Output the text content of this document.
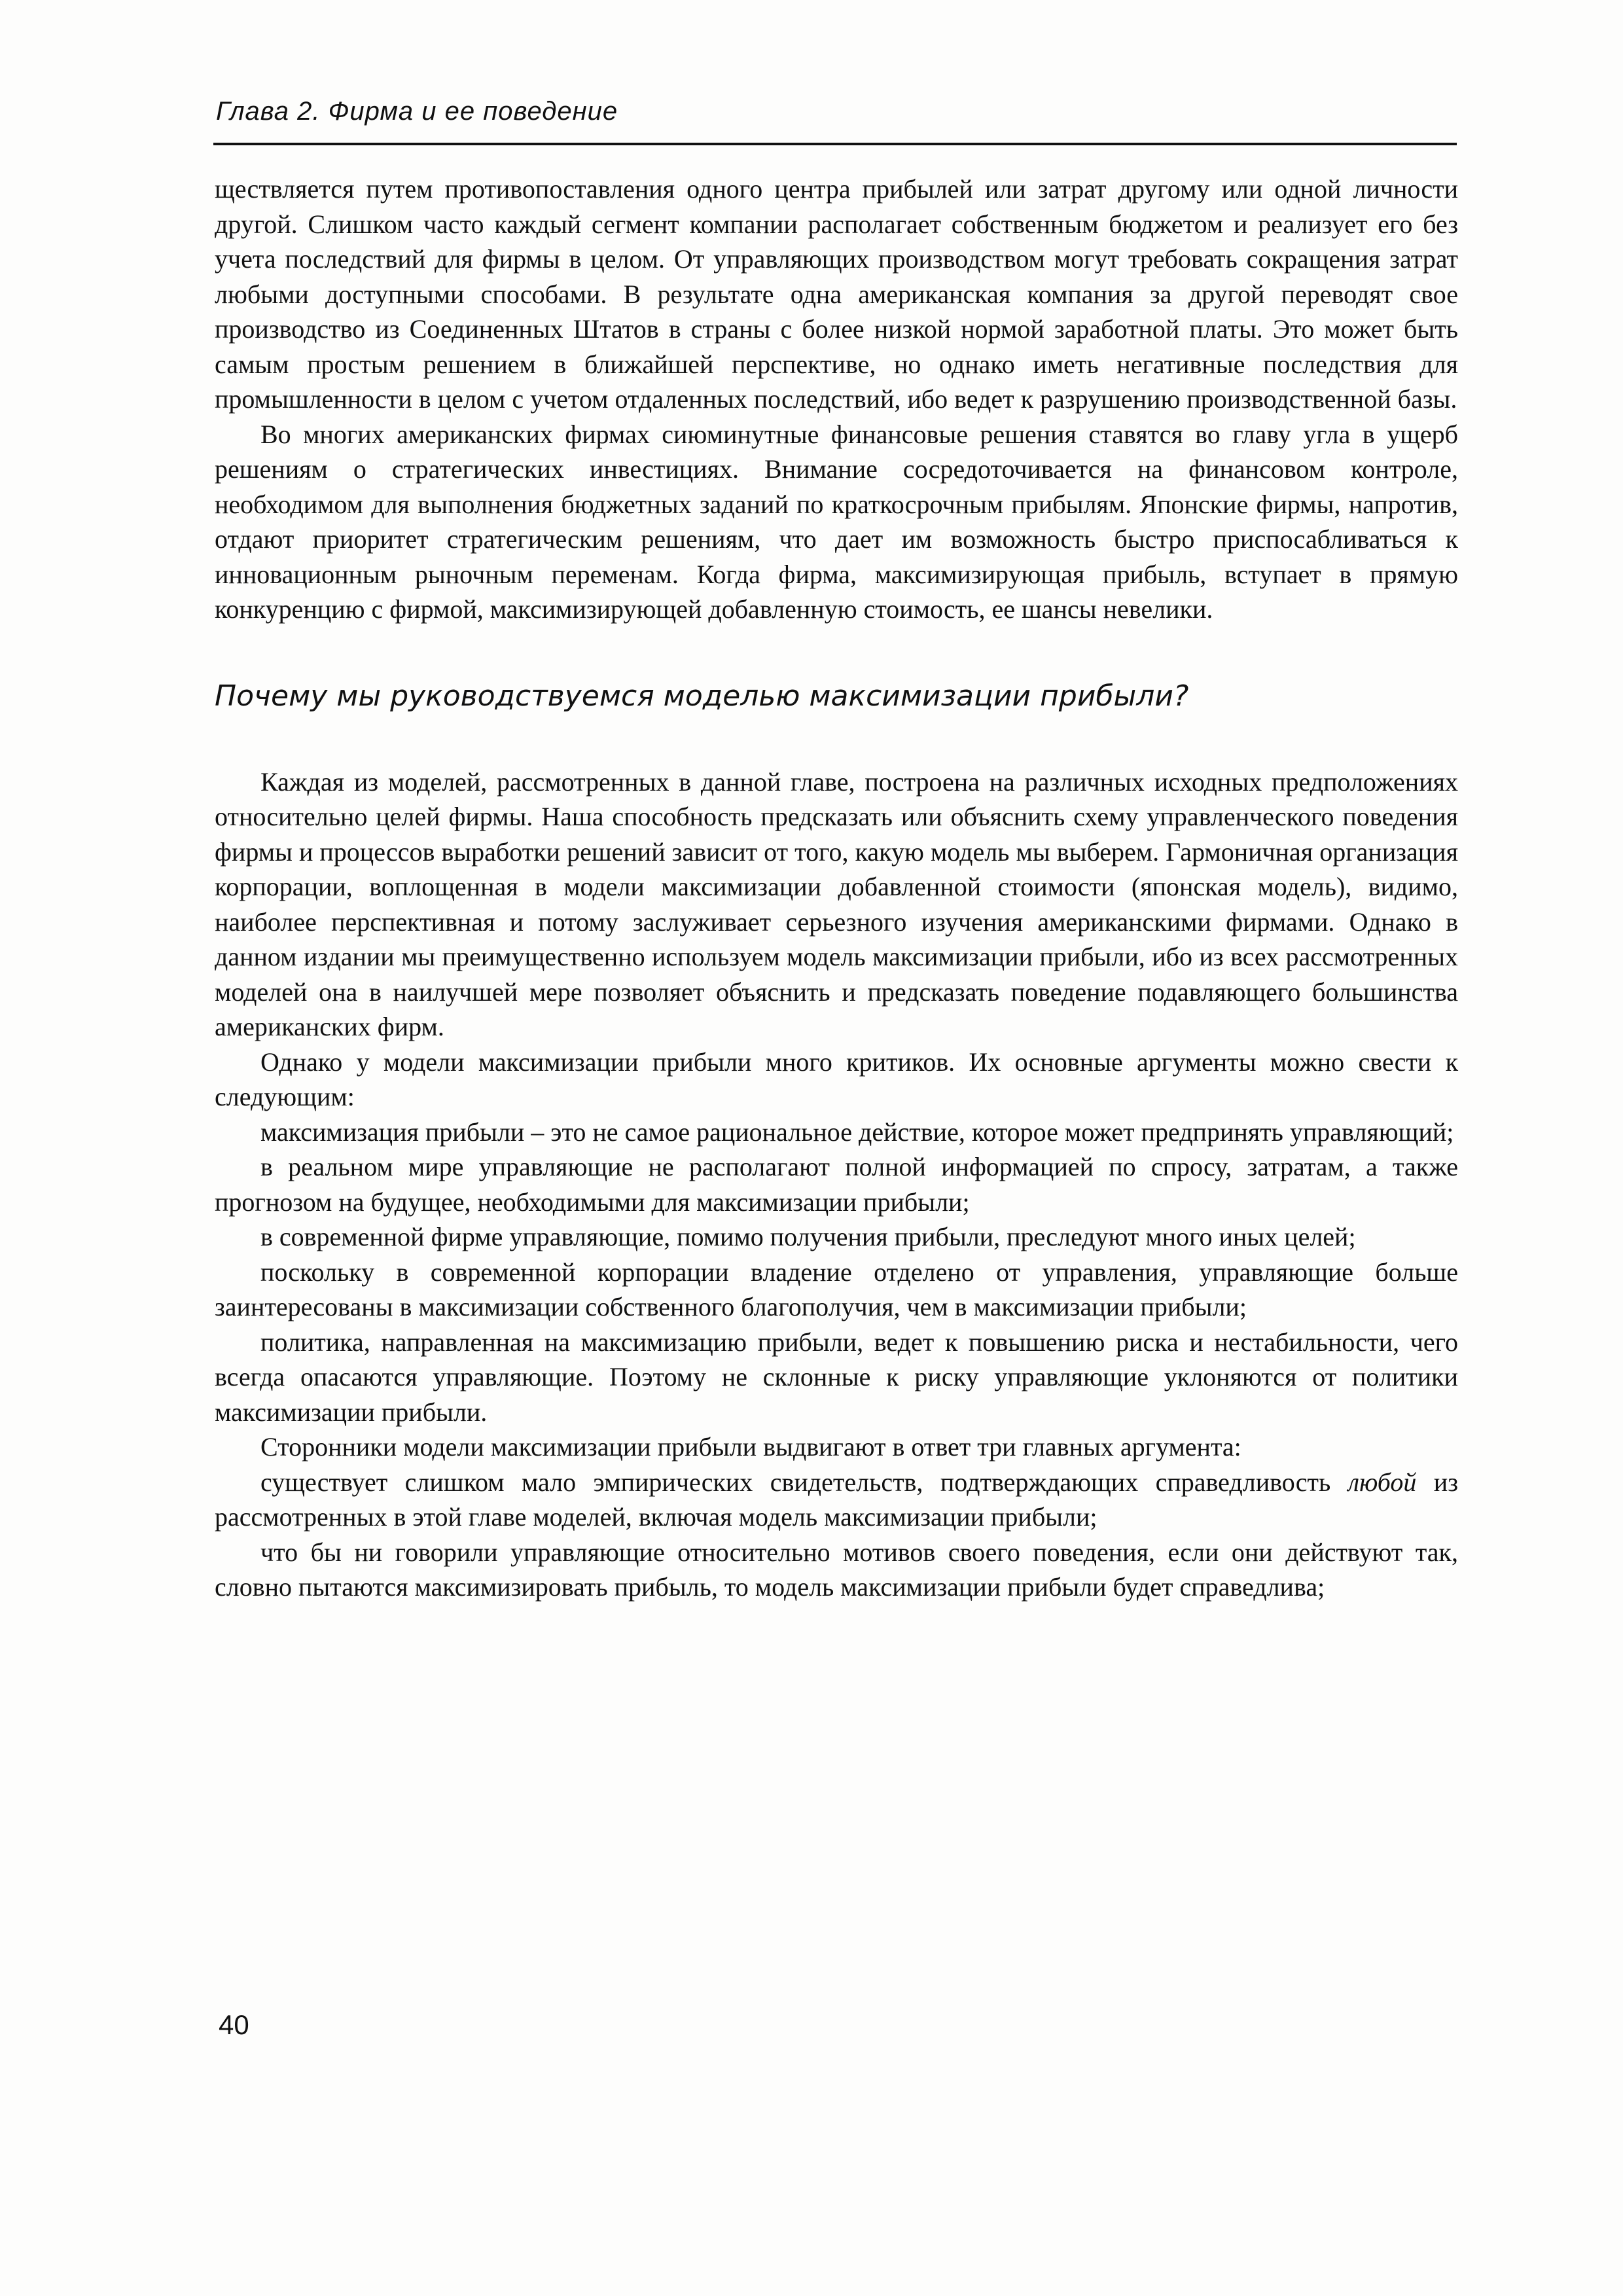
Глава 2. Фирма и ее поведение

ществляется путем противопоставления одного центра прибылей или затрат другому или одной личности другой. Слишком часто каждый сегмент компании располагает собственным бюджетом и реализует его без учета последствий для фирмы в целом. От управляющих производством могут требовать сокращения затрат любыми доступными способами. В результате одна американская компания за другой переводят свое производство из Соединенных Штатов в страны с более низкой нормой заработной платы. Это может быть самым простым решением в ближайшей перспективе, но однако иметь негативные последствия для промышленности в целом с учетом отдаленных последствий, ибо ведет к разрушению производственной базы.

Во многих американских фирмах сиюминутные финансовые решения ставятся во главу угла в ущерб решениям о стратегических инвестициях. Внимание сосредоточивается на финансовом контроле, необходимом для выполнения бюджетных заданий по краткосрочным прибылям. Японские фирмы, напротив, отдают приоритет стратегическим решениям, что дает им возможность быстро приспосабливаться к инновационным рыночным переменам. Когда фирма, максимизирующая прибыль, вступает в прямую конкуренцию с фирмой, максимизирующей добавленную стоимость, ее шансы невелики.

Почему мы руководствуемся моделью максимизации прибыли?

Каждая из моделей, рассмотренных в данной главе, построена на различных исходных предположениях относительно целей фирмы. Наша способность предсказать или объяснить схему управленческого поведения фирмы и процессов выработки решений зависит от того, какую модель мы выберем. Гармоничная организация корпорации, воплощенная в модели максимизации добавленной стоимости (японская модель), видимо, наиболее перспективная и потому заслуживает серьезного изучения американскими фирмами. Однако в данном издании мы преимущественно используем модель максимизации прибыли, ибо из всех рассмотренных моделей она в наилучшей мере позволяет объяснить и предсказать поведение подавляющего большинства американских фирм.

Однако у модели максимизации прибыли много критиков. Их основные аргументы можно свести к следующим:

максимизация прибыли – это не самое рациональное действие, которое может предпринять управляющий;

в реальном мире управляющие не располагают полной информацией по спросу, затратам, а также прогнозом на будущее, необходимыми для максимизации прибыли;

в современной фирме управляющие, помимо получения прибыли, преследуют много иных целей;

поскольку в современной корпорации владение отделено от управления, управляющие больше заинтересованы в максимизации собственного благополучия, чем в максимизации прибыли;

политика, направленная на максимизацию прибыли, ведет к повышению риска и нестабильности, чего всегда опасаются управляющие. Поэтому не склонные к риску управляющие уклоняются от политики максимизации прибыли.

Сторонники модели максимизации прибыли выдвигают в ответ три главных аргумента:

существует слишком мало эмпирических свидетельств, подтверждающих справедливость любой из рассмотренных в этой главе моделей, включая модель максимизации прибыли;

что бы ни говорили управляющие относительно мотивов своего поведения, если они действуют так, словно пытаются максимизировать прибыль, то модель максимизации прибыли будет справедлива;

40
